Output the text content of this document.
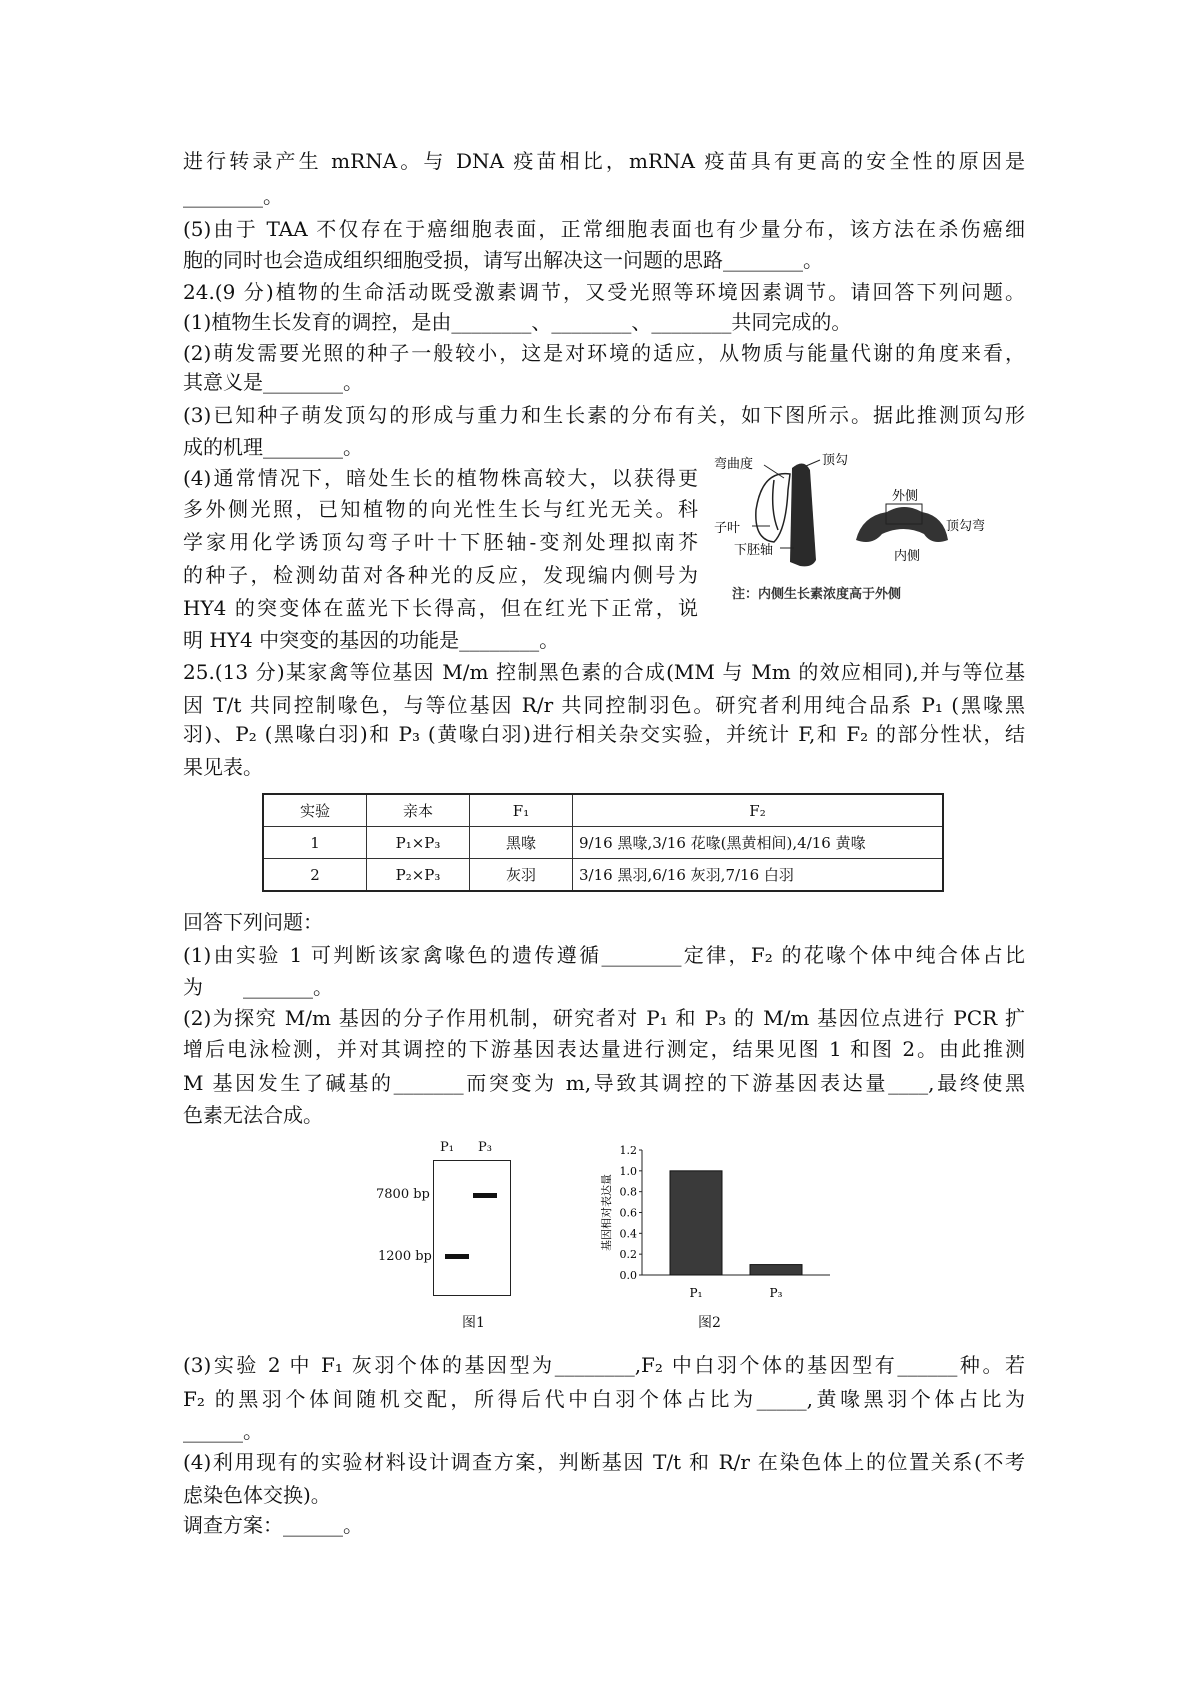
进行转录产生 mRNA。与 DNA 疫苗相比，mRNA 疫苗具有更高的安全性的原因是
________。
(5)由于 TAA 不仅存在于癌细胞表面，正常细胞表面也有少量分布，该方法在杀伤癌细
胞的同时也会造成组织细胞受损，请写出解决这一问题的思路________。
24.(9 分)植物的生命活动既受激素调节，又受光照等环境因素调节。请回答下列问题。
(1)植物生长发育的调控，是由________、________、________共同完成的。
(2)萌发需要光照的种子一般较小，这是对环境的适应，从物质与能量代谢的角度来看，
其意义是________。
(3)已知种子萌发顶勾的形成与重力和生长素的分布有关，如下图所示。据此推测顶勾形
成的机理________。
(4)通常情况下，暗处生长的植物株高较大，以获得更
多外侧光照，已知植物的向光性生长与红光无关。科
学家用化学诱顶勾弯子叶十下胚轴-变剂处理拟南芥
的种子，检测幼苗对各种光的反应，发现编内侧号为
HY4 的突变体在蓝光下长得高，但在红光下正常，说
明 HY4 中突变的基因的功能是________。
25.(13 分)某家禽等位基因 M/m 控制黑色素的合成(MM 与 Mm 的效应相同),并与等位基
因 T/t 共同控制喙色，与等位基因 R/r 共同控制羽色。研究者利用纯合品系 P₁ (黑喙黑
羽)、P₂ (黑喙白羽)和 P₃ (黄喙白羽)进行相关杂交实验，并统计 F,和 F₂ 的部分性状，结
果见表。
回答下列问题：
(1)由实验 1 可判断该家禽喙色的遗传遵循________定律，F₂ 的花喙个体中纯合体占比
为　　_______。
(2)为探究 M/m 基因的分子作用机制，研究者对 P₁ 和 P₃ 的 M/m 基因位点进行 PCR 扩
增后电泳检测，并对其调控的下游基因表达量进行测定，结果见图 1 和图 2。由此推测
M 基因发生了碱基的_______而突变为 m,导致其调控的下游基因表达量____,最终使黑
色素无法合成。
(3)实验 2 中 F₁ 灰羽个体的基因型为________,F₂ 中白羽个体的基因型有______种。若
F₂ 的黑羽个体间随机交配，所得后代中白羽个体占比为_____,黄喙黑羽个体占比为
______。
(4)利用现有的实验材料设计调查方案，判断基因 T/t 和 R/r 在染色体上的位置关系(不考
虑染色体交换)。
调查方案：______。
弯曲度	顶勾
子叶
下胚轴
外侧
内侧
顶勾弯
注：内侧生长素浓度高于外侧
实验	亲本	F₁	F₂
1	P₁×P₃	黑喙	9/16 黑喙,3/16 花喙(黑黄相间),4/16 黄喙
2	P₂×P₃	灰羽	3/16 黑羽,6/16 灰羽,7/16 白羽
P₁ P₃
7800 bp
1200 bp
图1
0.0
0.2
0.4
0.6
0.8
1.0
1.2
P₁	P₃
基因相对表达量
图2
